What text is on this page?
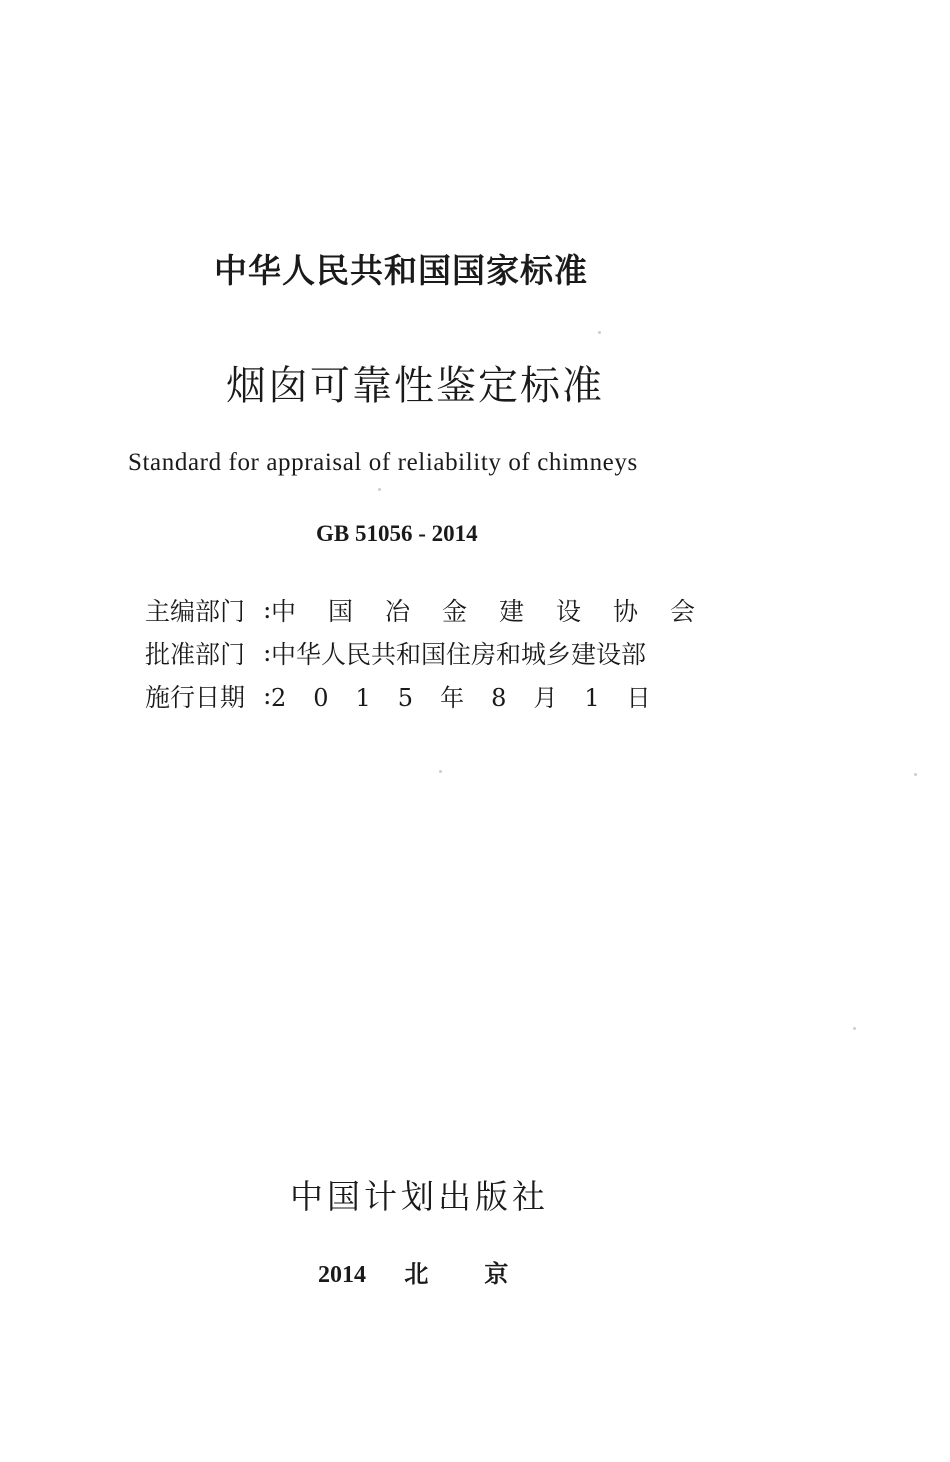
中华人民共和国国家标准
烟囱可靠性鉴定标准
Standard for appraisal of reliability of chimneys
GB 51056 - 2014
主编部门 : 中国冶金建设协会
批准部门 : 中华人民共和国住房和城乡建设部
施行日期 : 2015年8月1日
中国计划出版社
2014 北京
